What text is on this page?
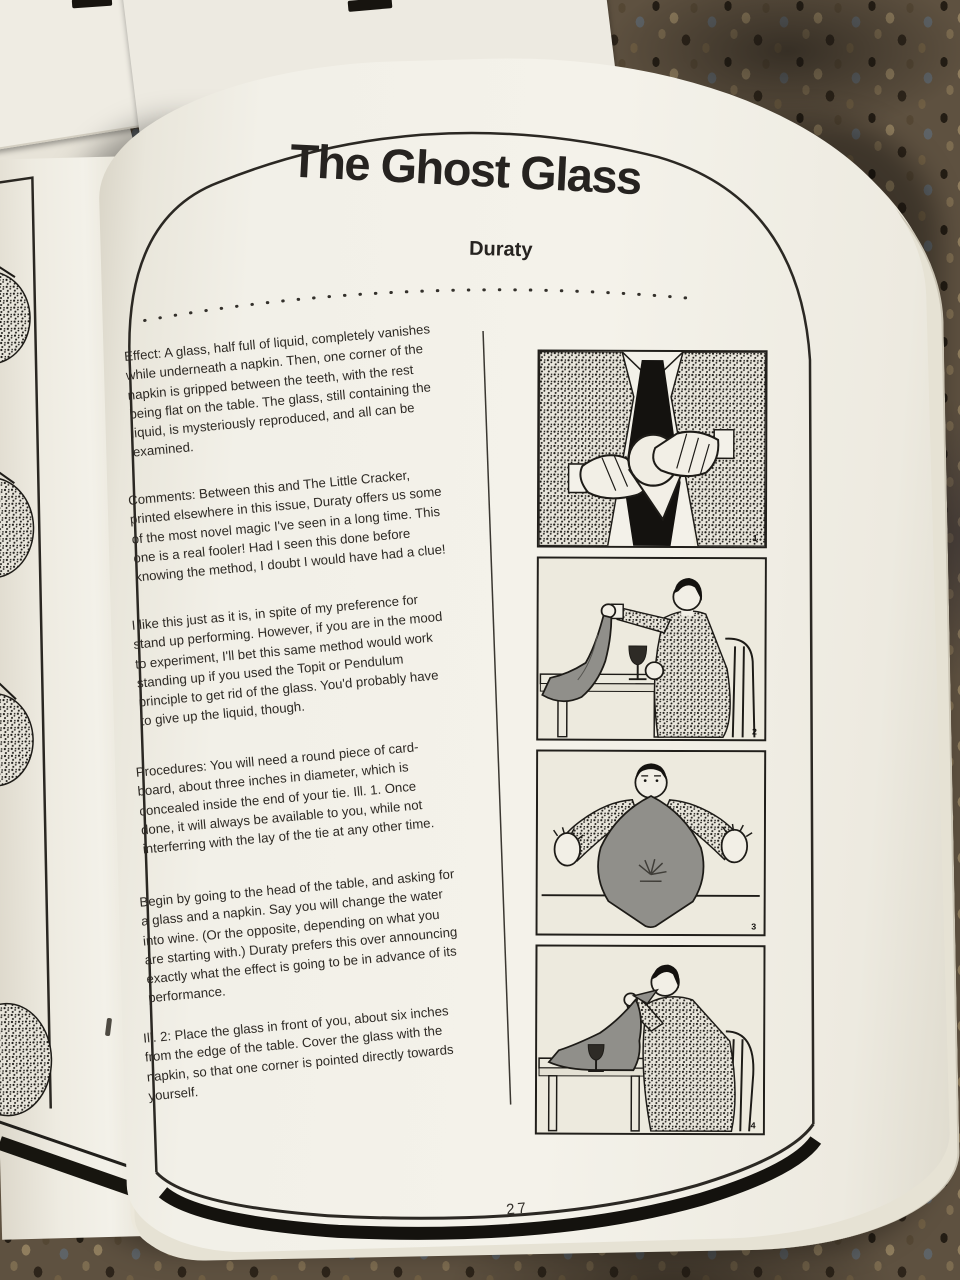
The Ghost Glass
Duraty
Effect: A glass, half full of liquid, completely vanishes
while underneath a napkin. Then, one corner of the
napkin is gripped between the teeth, with the rest
being flat on the table. The glass, still containing the
liquid, is mysteriously reproduced, and all can be
examined.
Comments: Between this and The Little Cracker,
printed elsewhere in this issue, Duraty offers us some
of the most novel magic I've seen in a long time. This
one is a real fooler! Had I seen this done before
knowing the method, I doubt I would have had a clue!
I like this just as it is, in spite of my preference for
stand up performing. However, if you are in the mood
to experiment, I'll bet this same method would work
standing up if you used the Topit or Pendulum
principle to get rid of the glass. You'd probably have
to give up the liquid, though.
Procedures: You will need a round piece of card-
board, about three inches in diameter, which is
concealed inside the end of your tie. Ill. 1. Once
done, it will always be available to you, while not
interferring with the lay of the tie at any other time.
Begin by going to the head of the table, and asking for
a glass and a napkin. Say you will change the water
into wine. (Or the opposite, depending on what you
are starting with.) Duraty prefers this over announcing
exactly what the effect is going to be in advance of its
performance.
Ill. 2: Place the glass in front of you, about six inches
from the edge of the table. Cover the glass with the
napkin, so that one corner is pointed directly towards
yourself.
1
2
3
4
27
